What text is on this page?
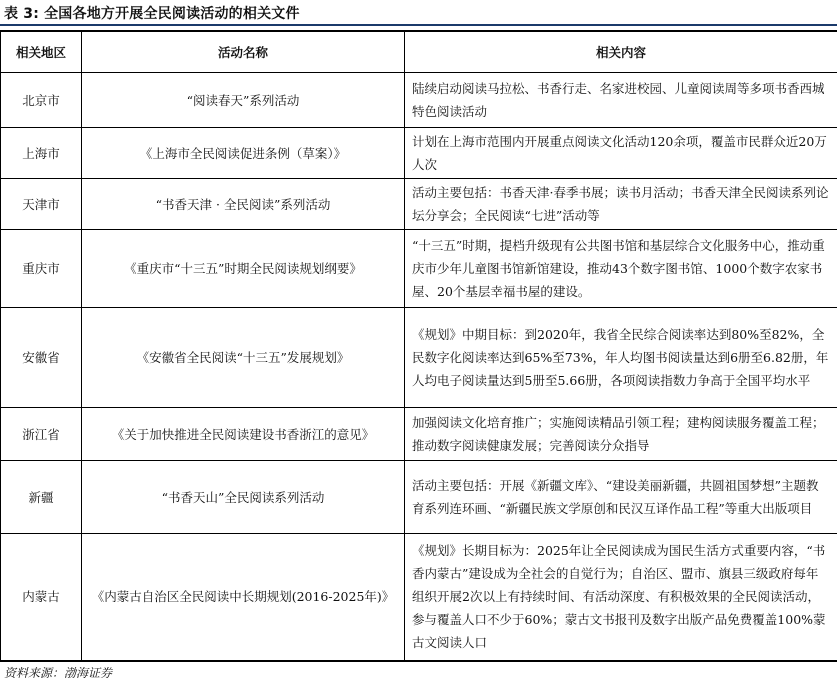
表 3: 全国各地方开展全民阅读活动的相关文件
相关地区	活动名称	相关内容
北京市	“阅读春天”系列活动	陆续启动阅读马拉松、书香行走、名家进校园、儿童阅读周等多项书香西城特色阅读活动
上海市	《上海市全民阅读促进条例（草案）》	计划在上海市范围内开展重点阅读文化活动120余项，覆盖市民群众近20万人次
天津市	“书香天津 · 全民阅读”系列活动	活动主要包括：书香天津·春季书展；读书月活动；书香天津全民阅读系列论坛分享会；全民阅读“七进”活动等
重庆市	《重庆市“十三五”时期全民阅读规划纲要》	“十三五”时期，提档升级现有公共图书馆和基层综合文化服务中心，推动重庆市少年儿童图书馆新馆建设，推动43个数字图书馆、1000个数字农家书屋、20个基层幸福书屋的建设。
安徽省	《安徽省全民阅读“十三五”发展规划》	《规划》中期目标：到2020年，我省全民综合阅读率达到80%至82%，全民数字化阅读率达到65%至73%，年人均图书阅读量达到6册至6.82册，年人均电子阅读量达到5册至5.66册，各项阅读指数力争高于全国平均水平
浙江省	《关于加快推进全民阅读建设书香浙江的意见》	加强阅读文化培育推广；实施阅读精品引领工程；建构阅读服务覆盖工程；推动数字阅读健康发展；完善阅读分众指导
新疆	“书香天山”全民阅读系列活动	活动主要包括：开展《新疆文库》、“建设美丽新疆，共圆祖国梦想”主题教育系列连环画、“新疆民族文学原创和民汉互译作品工程”等重大出版项目
内蒙古	《内蒙古自治区全民阅读中长期规划(2016-2025年)》	《规划》长期目标为：2025年让全民阅读成为国民生活方式重要内容，“书香内蒙古”建设成为全社会的自觉行为；自治区、盟市、旗县三级政府每年组织开展2次以上有持续时间、有活动深度、有积极效果的全民阅读活动，参与覆盖人口不少于60%；蒙古文书报刊及数字出版产品免费覆盖100%蒙古文阅读人口
资料来源：渤海证券
